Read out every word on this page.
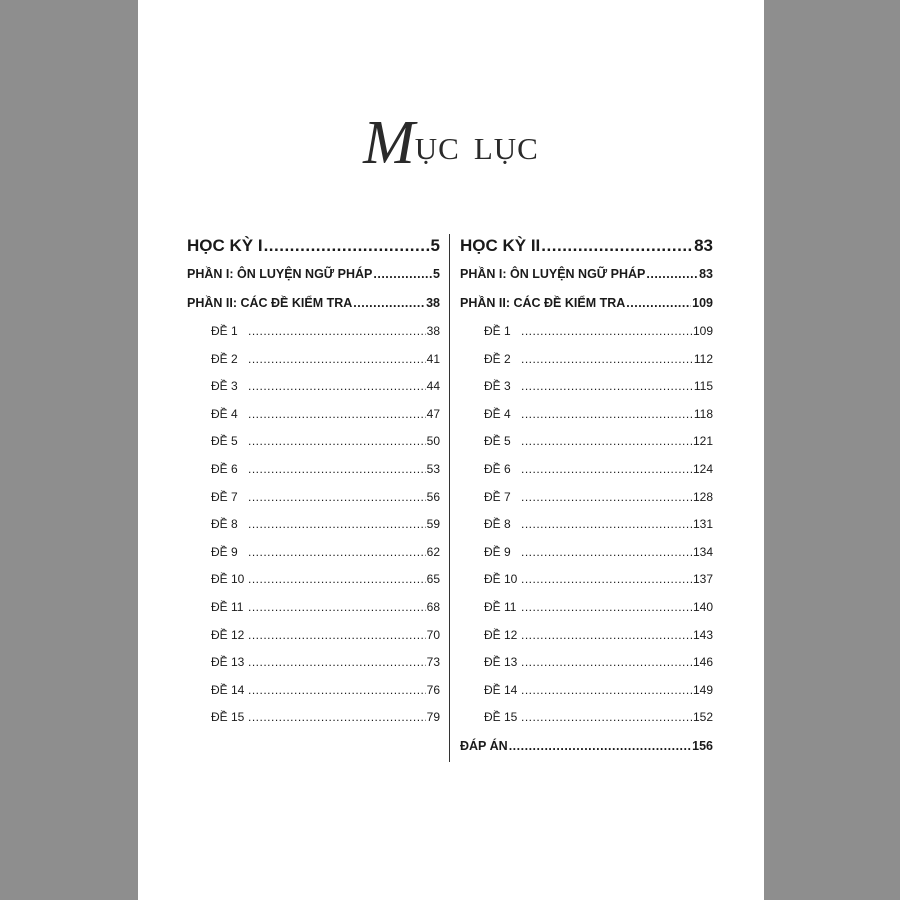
MỤC LỤC
HỌC KỲ I .....	5
PHẦN I: ÔN LUYỆN NGỮ PHÁP .....	5
PHẦN II: CÁC ĐỀ KIỂM TRA .....	38
ĐỀ 1 .....	38
ĐỀ 2 .....	41
ĐỀ 3 .....	44
ĐỀ 4 .....	47
ĐỀ 5 .....	50
ĐỀ 6 .....	53
ĐỀ 7 .....	56
ĐỀ 8 .....	59
ĐỀ 9 .....	62
ĐỀ 10 .....	65
ĐỀ 11 .....	68
ĐỀ 12 .....	70
ĐỀ 13 .....	73
ĐỀ 14 .....	76
ĐỀ 15 .....	79
HỌC KỲ II .....	83
PHẦN I: ÔN LUYỆN NGỮ PHÁP .....	83
PHẦN II: CÁC ĐỀ KIỂM TRA .....	109
ĐỀ 1 .....	109
ĐỀ 2 .....	112
ĐỀ 3 .....	115
ĐỀ 4 .....	118
ĐỀ 5 .....	121
ĐỀ 6 .....	124
ĐỀ 7 .....	128
ĐỀ 8 .....	131
ĐỀ 9 .....	134
ĐỀ 10 .....	137
ĐỀ 11 .....	140
ĐỀ 12 .....	143
ĐỀ 13 .....	146
ĐỀ 14 .....	149
ĐỀ 15 .....	152
ĐÁP ÁN .....	156
